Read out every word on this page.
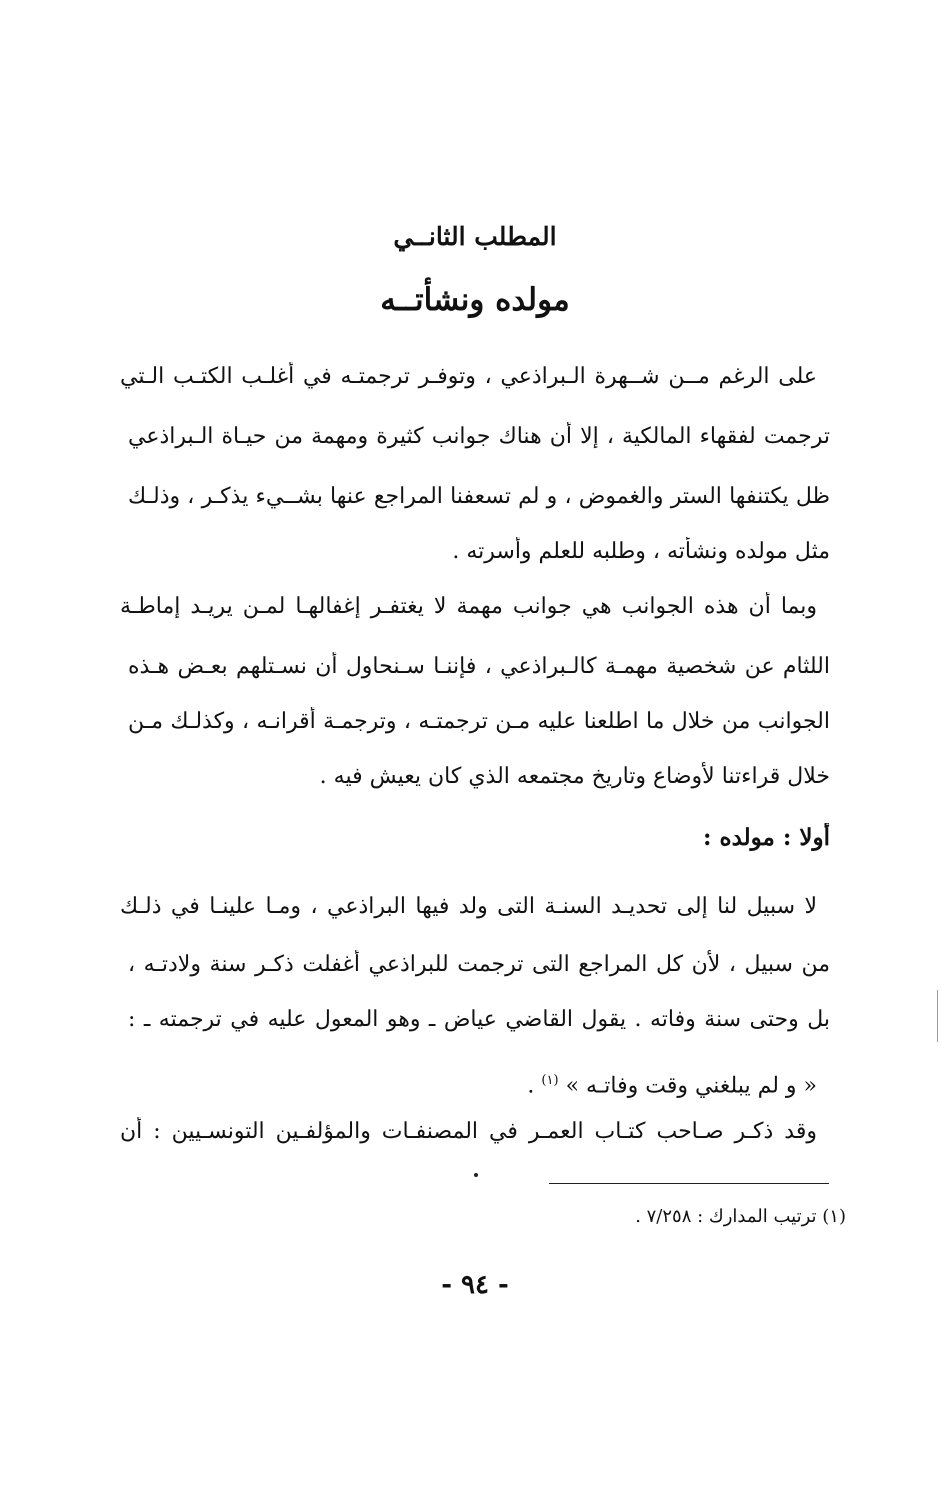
المطلب الثانــي
مولده ونشأتــه
على الرغم مــن شــهرة الـبراذعي ، وتوفـر ترجمتـه في أغلـب الكتـب الـتي
ترجمت لفقهاء المالكية ، إلا أن هناك جوانب كثيرة ومهمة من حيـاة الـبراذعي
ظل يكتنفها الستر والغموض ، و لم تسعفنا المراجع عنها بشــيء يذكـر ، وذلـك
مثل مولده ونشأته ، وطلبه للعلم وأسرته .
وبما أن هذه الجوانب هي جوانب مهمة لا يغتفـر إغفالهـا لمـن يريـد إماطـة
اللثام عن شخصية مهمـة كالـبراذعي ، فإننـا سـنحاول أن نسـتلهم بعـض هـذه
الجوانب من خلال ما اطلعنا عليه مـن ترجمتـه ، وترجمـة أقرانـه ، وكذلـك مـن
خلال قراءتنا لأوضاع وتاريخ مجتمعه الذي كان يعيش فيه .
أولا : مولده :
لا سبيل لنا إلى تحديـد السنـة التى ولد فيها البراذعي ، ومـا علينـا في ذلـك
من سبيل ، لأن كل المراجع التى ترجمت للبراذعي أغفلت ذكـر سنة ولادتـه ،
بل وحتى سنة وفاته . يقول القاضي عياض ـ وهو المعول عليه في ترجمته ـ :
« و لم يبلغني وقت وفاتـه » $^{(١)}$ .
وقد ذكـر صـاحب كتـاب العمـر في المصنفـات والمؤلفـين التونسـيين : أن
(١) ترتيب المدارك : ٧/٢٥٨ .
- ٩٤ -
